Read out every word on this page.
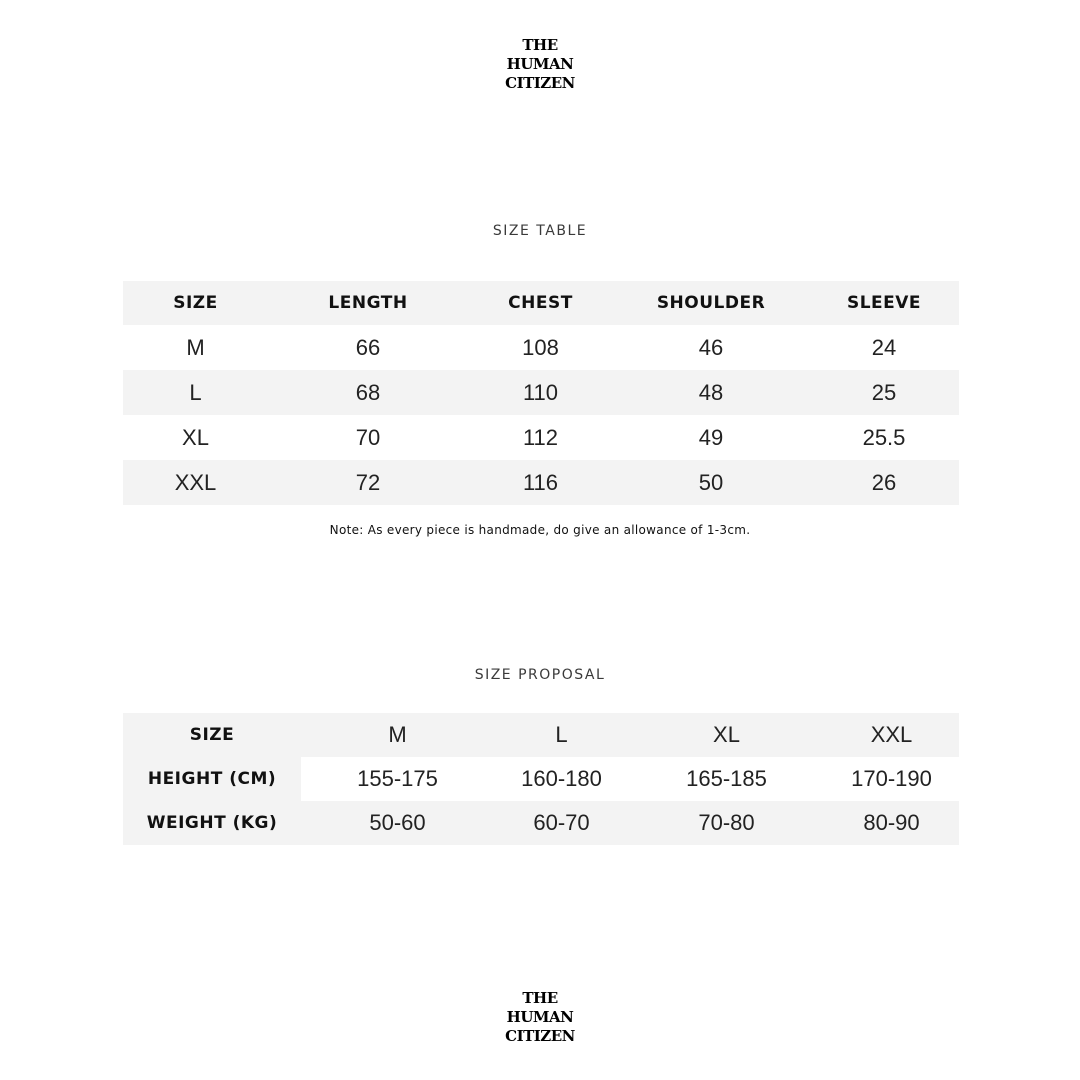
THE
HUMAN
CITIZEN
SIZE TABLE
SIZE	LENGTH	CHEST	SHOULDER	SLEEVE
M	66	108	46	24
L	68	110	48	25
XL	70	112	49	25.5
XXL	72	116	50	26
Note: As every piece is handmade, do give an allowance of 1-3cm.
SIZE PROPOSAL
SIZE	M	L	XL	XXL
HEIGHT (CM)	155-175	160-180	165-185	170-190
WEIGHT (KG)	50-60	60-70	70-80	80-90
THE
HUMAN
CITIZEN
